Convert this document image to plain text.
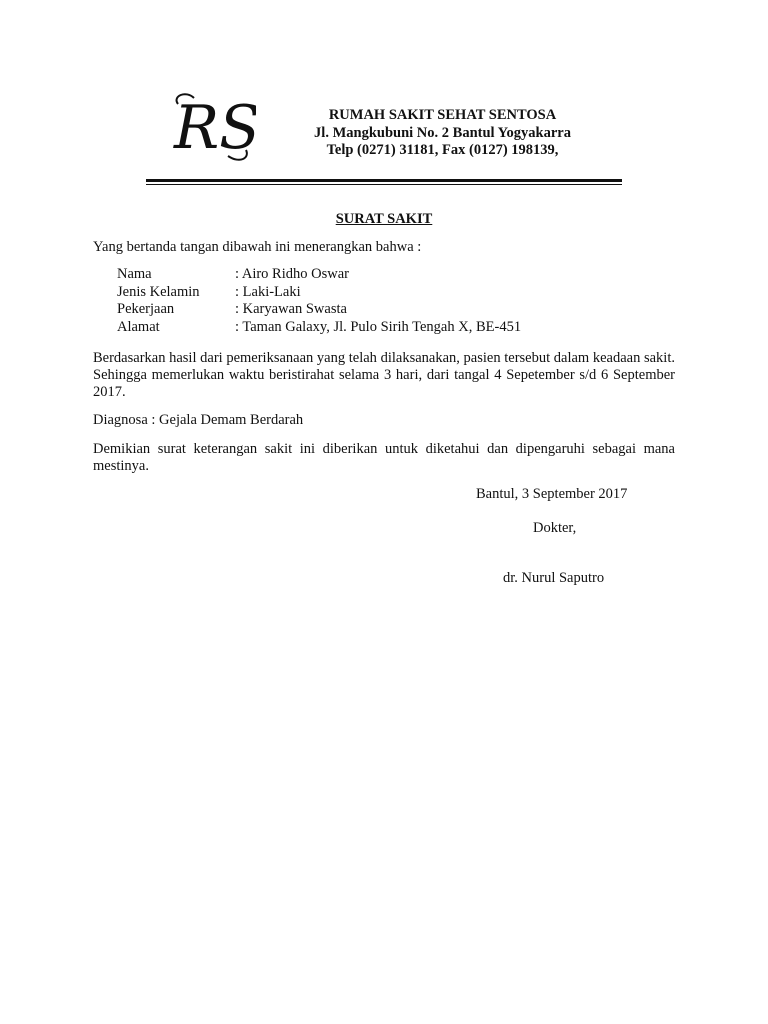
RS	RUMAH SAKIT SEHAT SENTOSA
Jl. Mangkubuni No. 2 Bantul Yogyakarra
Telp (0271) 31181, Fax (0127) 198139,
SURAT SAKIT
Yang bertanda tangan dibawah ini menerangkan bahwa :
Nama	: Airo Ridho Oswar
Jenis Kelamin	: Laki-Laki
Pekerjaan	: Karyawan Swasta
Alamat	: Taman Galaxy, Jl. Pulo Sirih Tengah X, BE-451
Berdasarkan hasil dari pemeriksanaan yang telah dilaksanakan, pasien tersebut dalam keadaan sakit. Sehingga memerlukan waktu beristirahat selama 3 hari, dari tangal 4 Sepetember s/d 6 September 2017.
Diagnosa : Gejala Demam Berdarah
Demikian surat keterangan sakit ini diberikan untuk diketahui dan dipengaruhi sebagai mana mestinya.
Bantul, 3 September 2017
Dokter,
dr. Nurul Saputro
